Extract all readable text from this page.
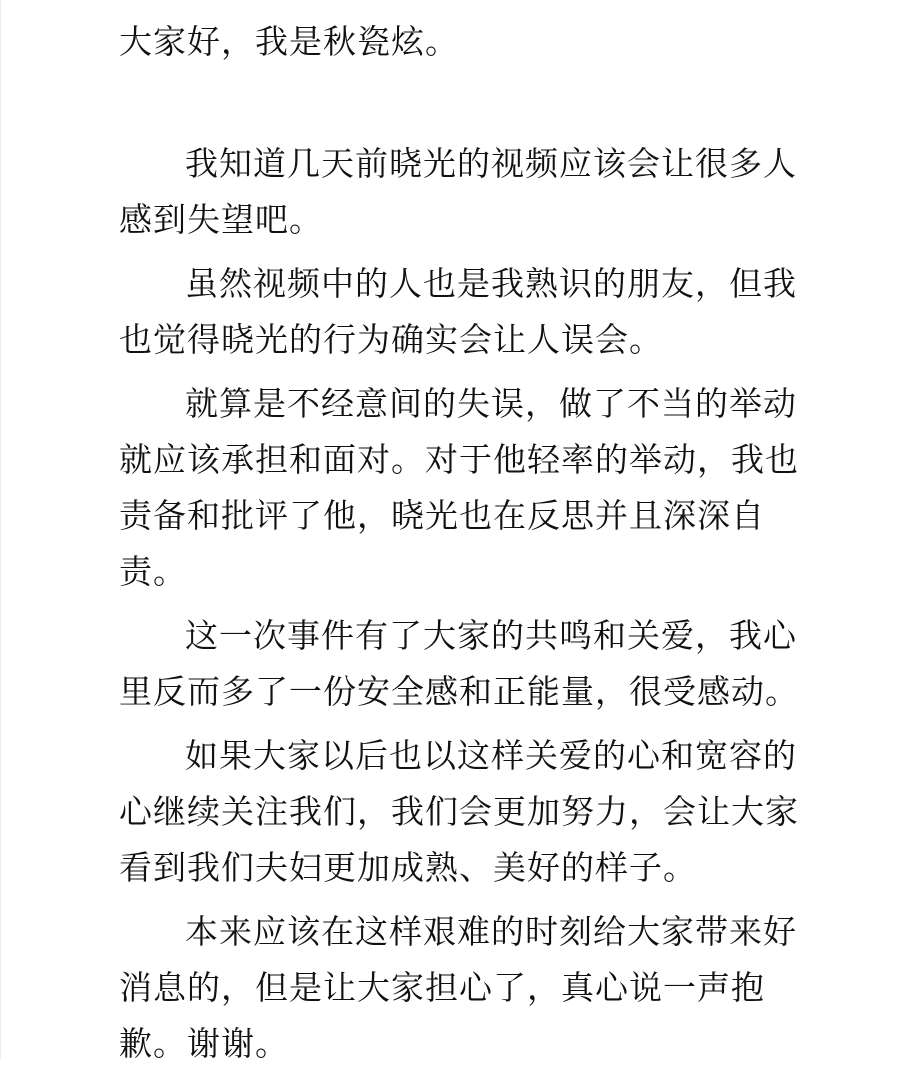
大家好，我是秋瓷炫。

我知道几天前晓光的视频应该会让很多人感到失望吧。

虽然视频中的人也是我熟识的朋友，但我也觉得晓光的行为确实会让人误会。

就算是不经意间的失误，做了不当的举动就应该承担和面对。对于他轻率的举动，我也责备和批评了他，晓光也在反思并且深深自责。

这一次事件有了大家的共鸣和关爱，我心里反而多了一份安全感和正能量，很受感动。

如果大家以后也以这样关爱的心和宽容的心继续关注我们，我们会更加努力，会让大家看到我们夫妇更加成熟、美好的样子。

本来应该在这样艰难的时刻给大家带来好消息的，但是让大家担心了，真心说一声抱歉。谢谢。
